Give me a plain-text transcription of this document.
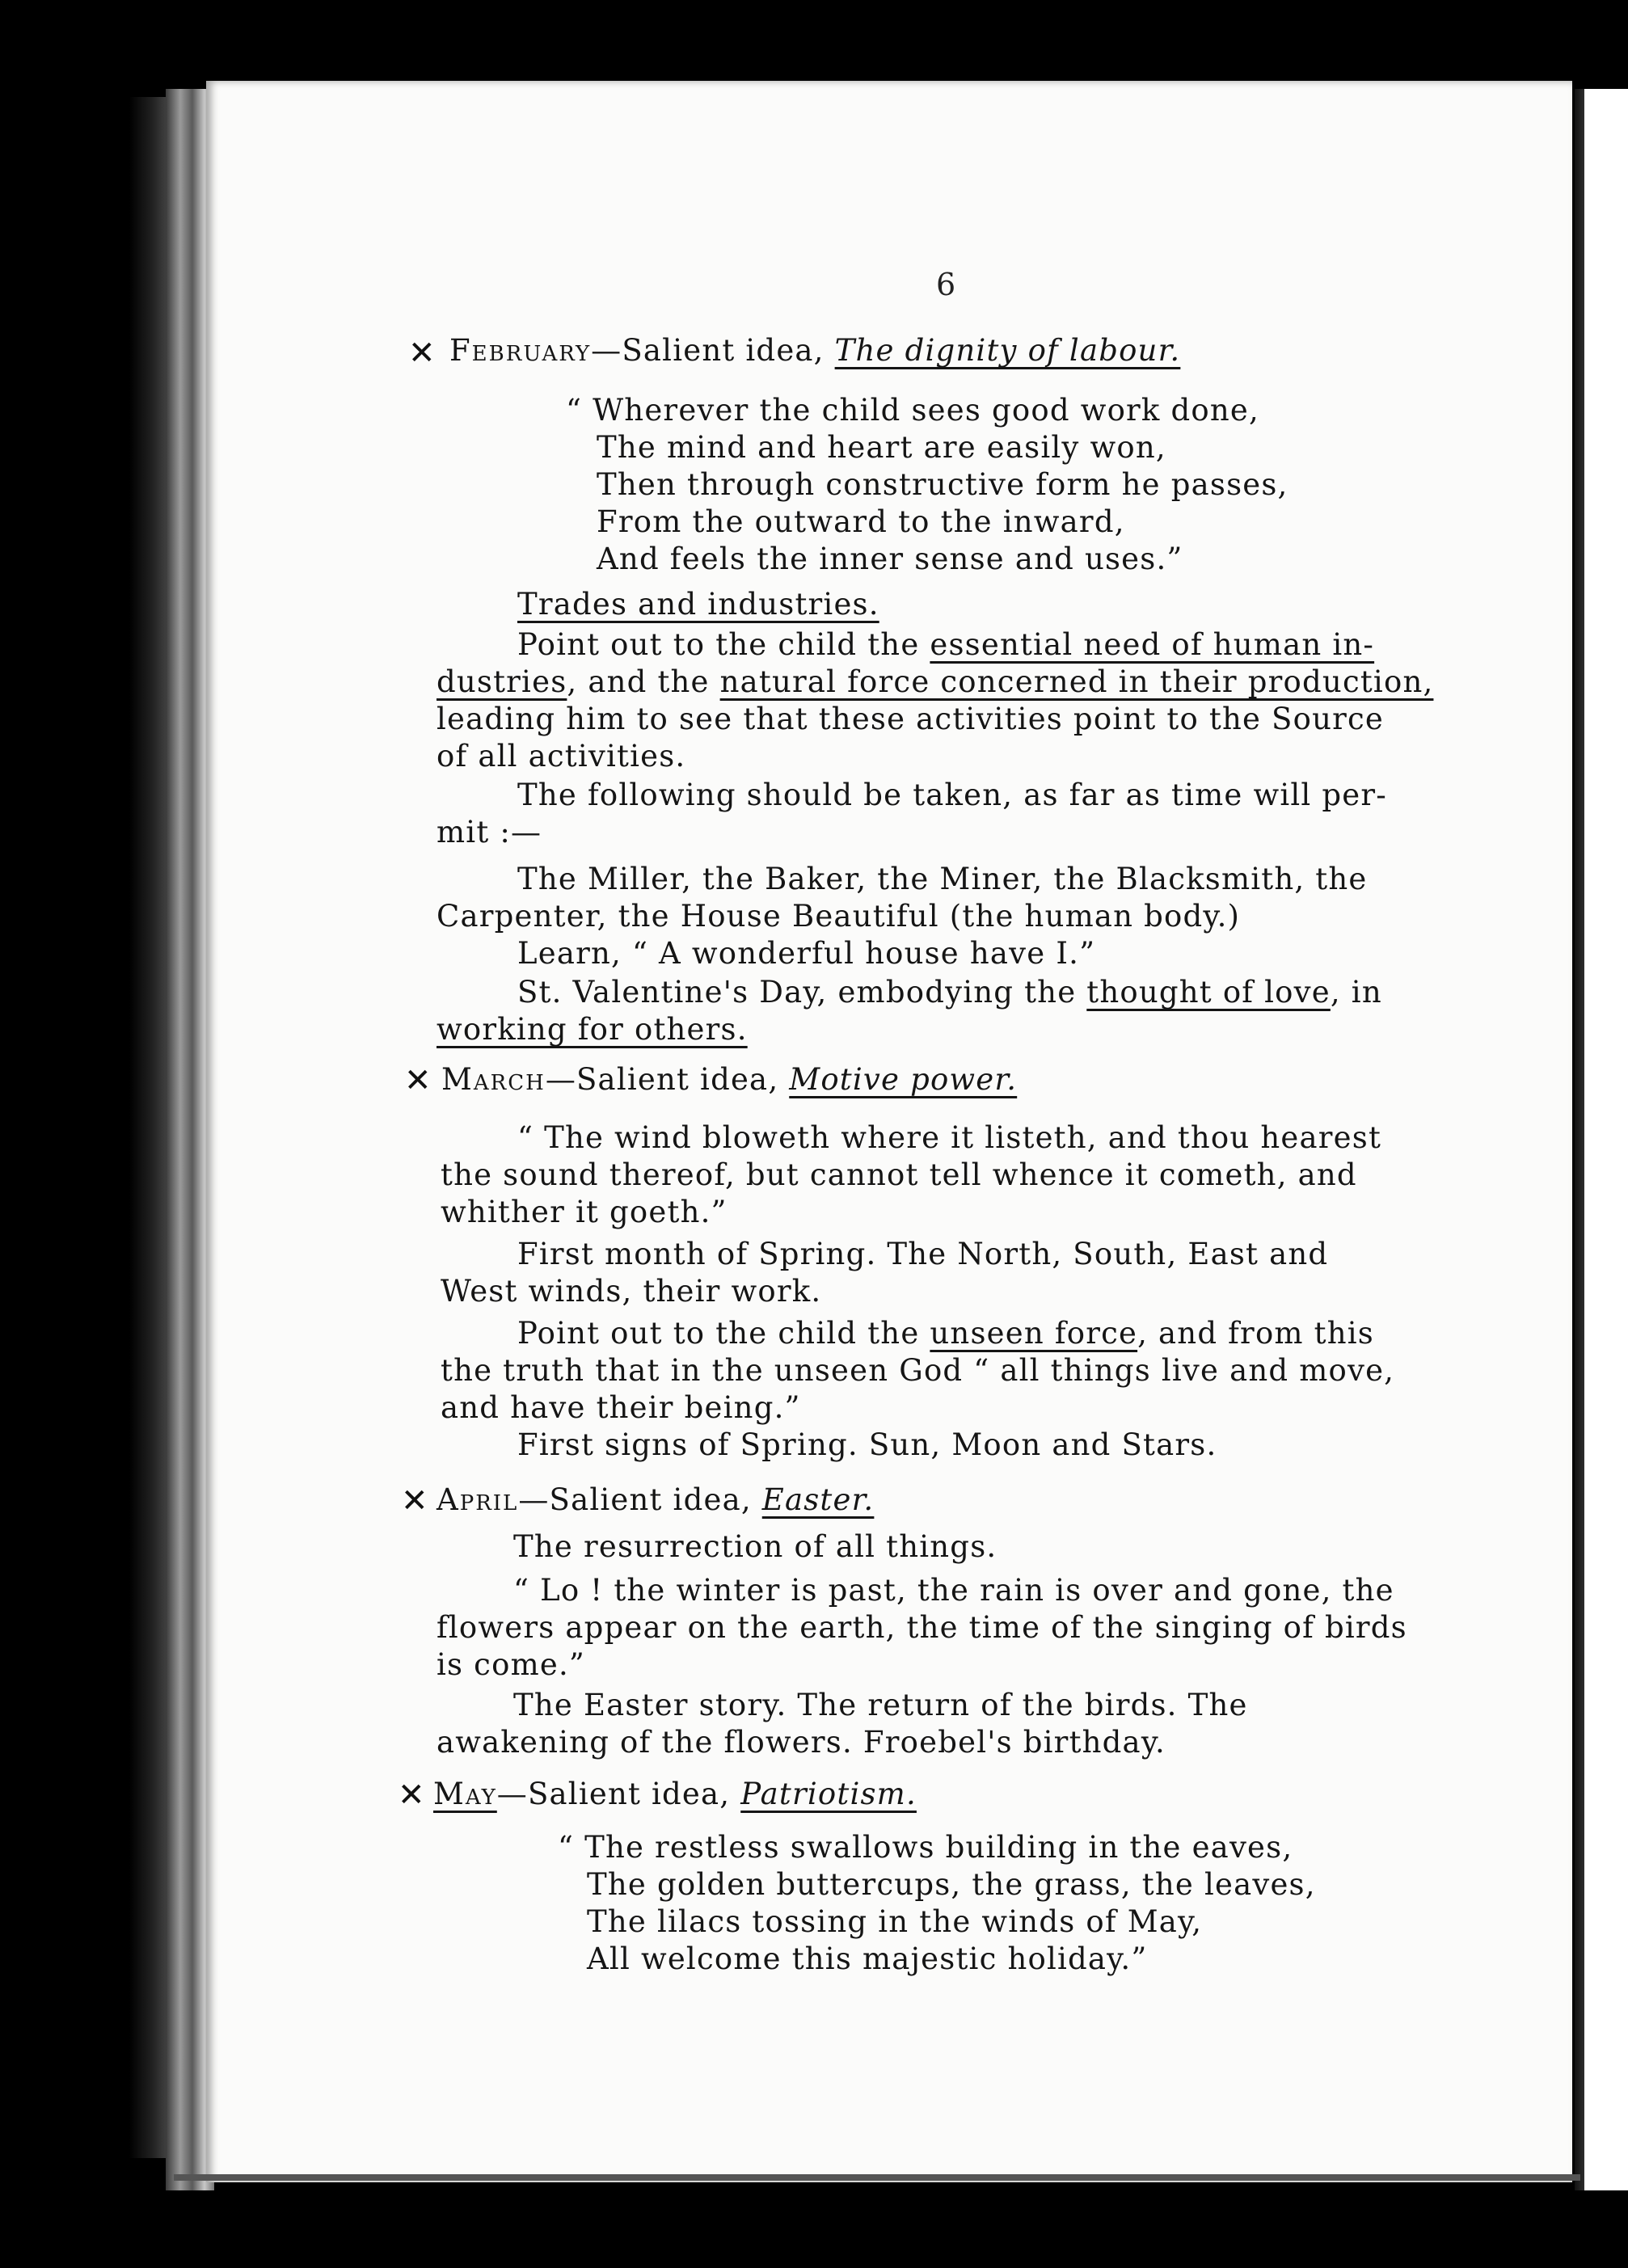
6
✕ February—Salient idea, The dignity of labour.
“ Wherever the child sees good work done,
The mind and heart are easily won,
Then through constructive form he passes,
From the outward to the inward,
And feels the inner sense and uses.”
Trades and industries.
Point out to the child the essential need of human in-
dustries, and the natural force concerned in their production,
leading him to see that these activities point to the Source
of all activities.
The following should be taken, as far as time will per-
mit :—
The Miller, the Baker, the Miner, the Blacksmith, the
Carpenter, the House Beautiful (the human body.)
Learn, “ A wonderful house have I.”
St. Valentine's Day, embodying the thought of love, in
working for others.
✕ March—Salient idea, Motive power.
“ The wind bloweth where it listeth, and thou hearest
the sound thereof, but cannot tell whence it cometh, and
whither it goeth.”
First month of Spring. The North, South, East and
West winds, their work.
Point out to the child the unseen force, and from this
the truth that in the unseen God “ all things live and move,
and have their being.”
First signs of Spring. Sun, Moon and Stars.
✕ April—Salient idea, Easter.
The resurrection of all things.
“ Lo ! the winter is past, the rain is over and gone, the
flowers appear on the earth, the time of the singing of birds
is come.”
The Easter story. The return of the birds. The
awakening of the flowers. Froebel's birthday.
✕ May—Salient idea, Patriotism.
“ The restless swallows building in the eaves,
The golden buttercups, the grass, the leaves,
The lilacs tossing in the winds of May,
All welcome this majestic holiday.”
